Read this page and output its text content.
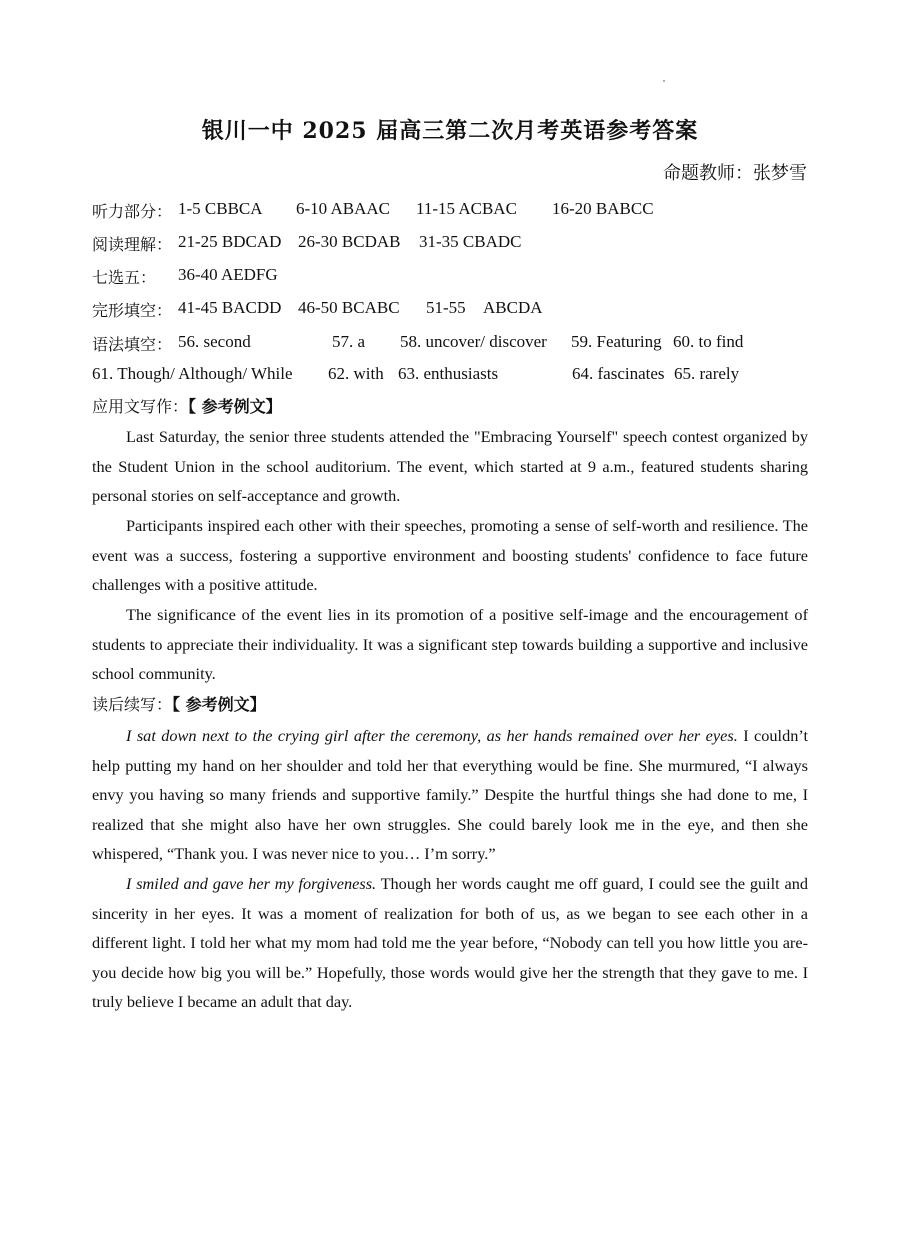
银川一中 2025 届高三第二次月考英语参考答案
命题教师：张梦雪
听力部分： 1-5 CBBCA 6-10 ABAAC 11-15 ACBAC 16-20 BABCC
阅读理解： 21-25 BDCAD 26-30 BCDAB 31-35 CBADC
七选五： 36-40 AEDFG
完形填空： 41-45 BACDD 46-50 BCABC 51-55 ABCDA
语法填空： 56. second	57. a 58. uncover/ discover 59. Featuring 60. to find
61. Though/ Although/ While 62. with 63. enthusiasts	64. fascinates 65. rarely
应用文写作：【 参考例文】
Last Saturday, the senior three students attended the "Embracing Yourself" speech contest organized by the Student Union in the school auditorium. The event, which started at 9 a.m., featured students sharing personal stories on self-acceptance and growth.
Participants inspired each other with their speeches, promoting a sense of self-worth and resilience. The event was a success, fostering a supportive environment and boosting students' confidence to face future challenges with a positive attitude.
The significance of the event lies in its promotion of a positive self-image and the encouragement of students to appreciate their individuality. It was a significant step towards building a supportive and inclusive school community.
读后续写：【 参考例文】
I sat down next to the crying girl after the ceremony, as her hands remained over her eyes. I couldn’t help putting my hand on her shoulder and told her that everything would be fine. She murmured, “I always envy you having so many friends and supportive family.” Despite the hurtful things she had done to me, I realized that she might also have her own struggles. She could barely look me in the eye, and then she whispered, “Thank you. I was never nice to you… I’m sorry.”
I smiled and gave her my forgiveness. Though her words caught me off guard, I could see the guilt and sincerity in her eyes. It was a moment of realization for both of us, as we began to see each other in a different light. I told her what my mom had told me the year before, “Nobody can tell you how little you are-you decide how big you will be.” Hopefully, those words would give her the strength that they gave to me. I truly believe I became an adult that day.
